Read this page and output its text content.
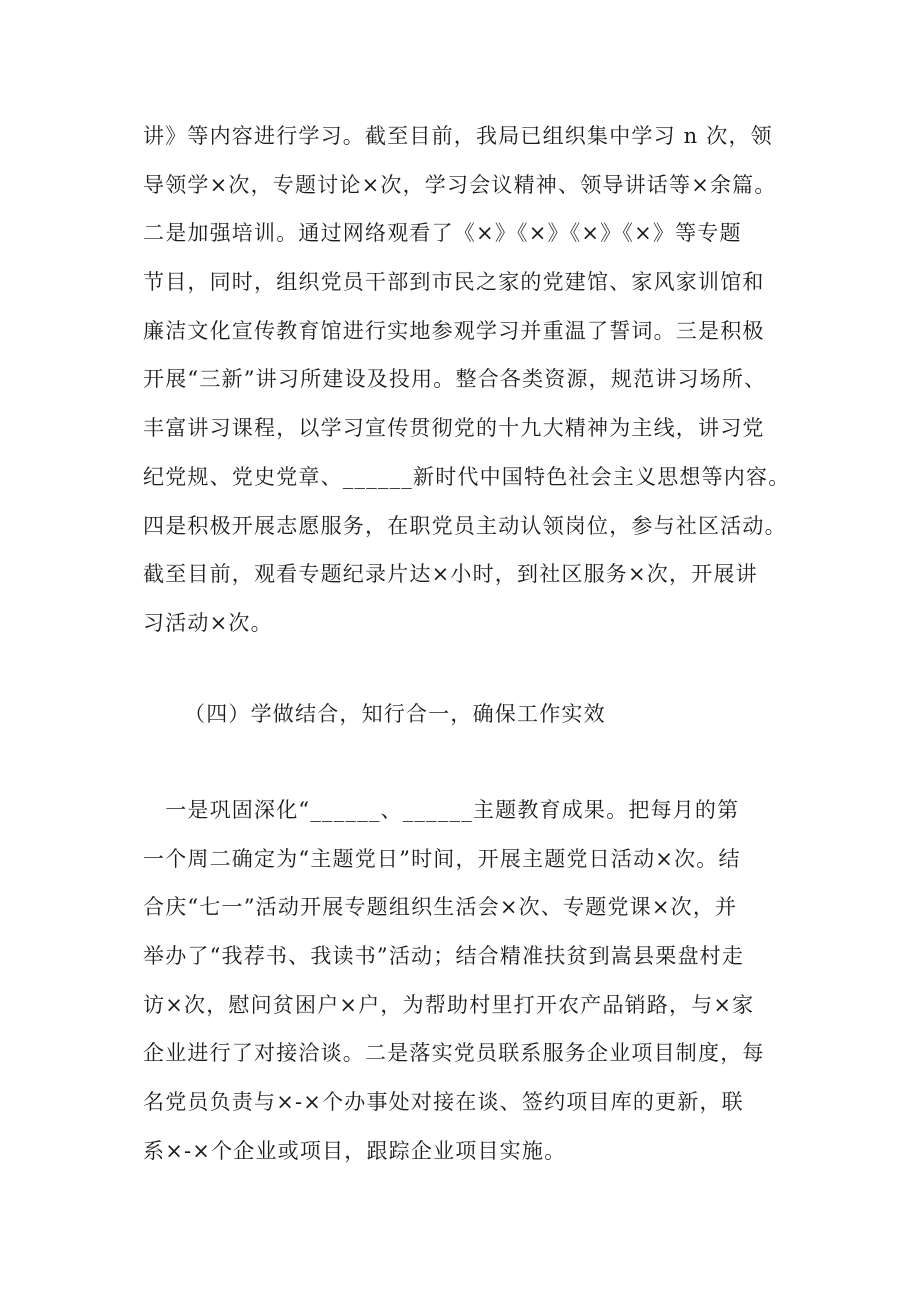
讲》等内容进行学习。截至目前，我局已组织集中学习 n 次，领
导领学×次，专题讨论×次，学习会议精神、领导讲话等×余篇。
二是加强培训。通过网络观看了《×》《×》《×》《×》等专题
节目，同时，组织党员干部到市民之家的党建馆、家风家训馆和
廉洁文化宣传教育馆进行实地参观学习并重温了誓词。三是积极
开展“三新”讲习所建设及投用。整合各类资源，规范讲习场所、
丰富讲习课程，以学习宣传贯彻党的十九大精神为主线，讲习党
纪党规、党史党章、______新时代中国特色社会主义思想等内容。
四是积极开展志愿服务，在职党员主动认领岗位，参与社区活动。
截至目前，观看专题纪录片达×小时，到社区服务×次，开展讲
习活动×次。
（四）学做结合，知行合一，确保工作实效
　一是巩固深化“______、______主题教育成果。把每月的第
一个周二确定为“主题党日”时间，开展主题党日活动×次。结
合庆“七一”活动开展专题组织生活会×次、专题党课×次，并
举办了“我荐书、我读书”活动；结合精准扶贫到嵩县栗盘村走
访×次，慰问贫困户×户，为帮助村里打开农产品销路，与×家
企业进行了对接洽谈。二是落实党员联系服务企业项目制度，每
名党员负责与×-×个办事处对接在谈、签约项目库的更新，联
系×-×个企业或项目，跟踪企业项目实施。
